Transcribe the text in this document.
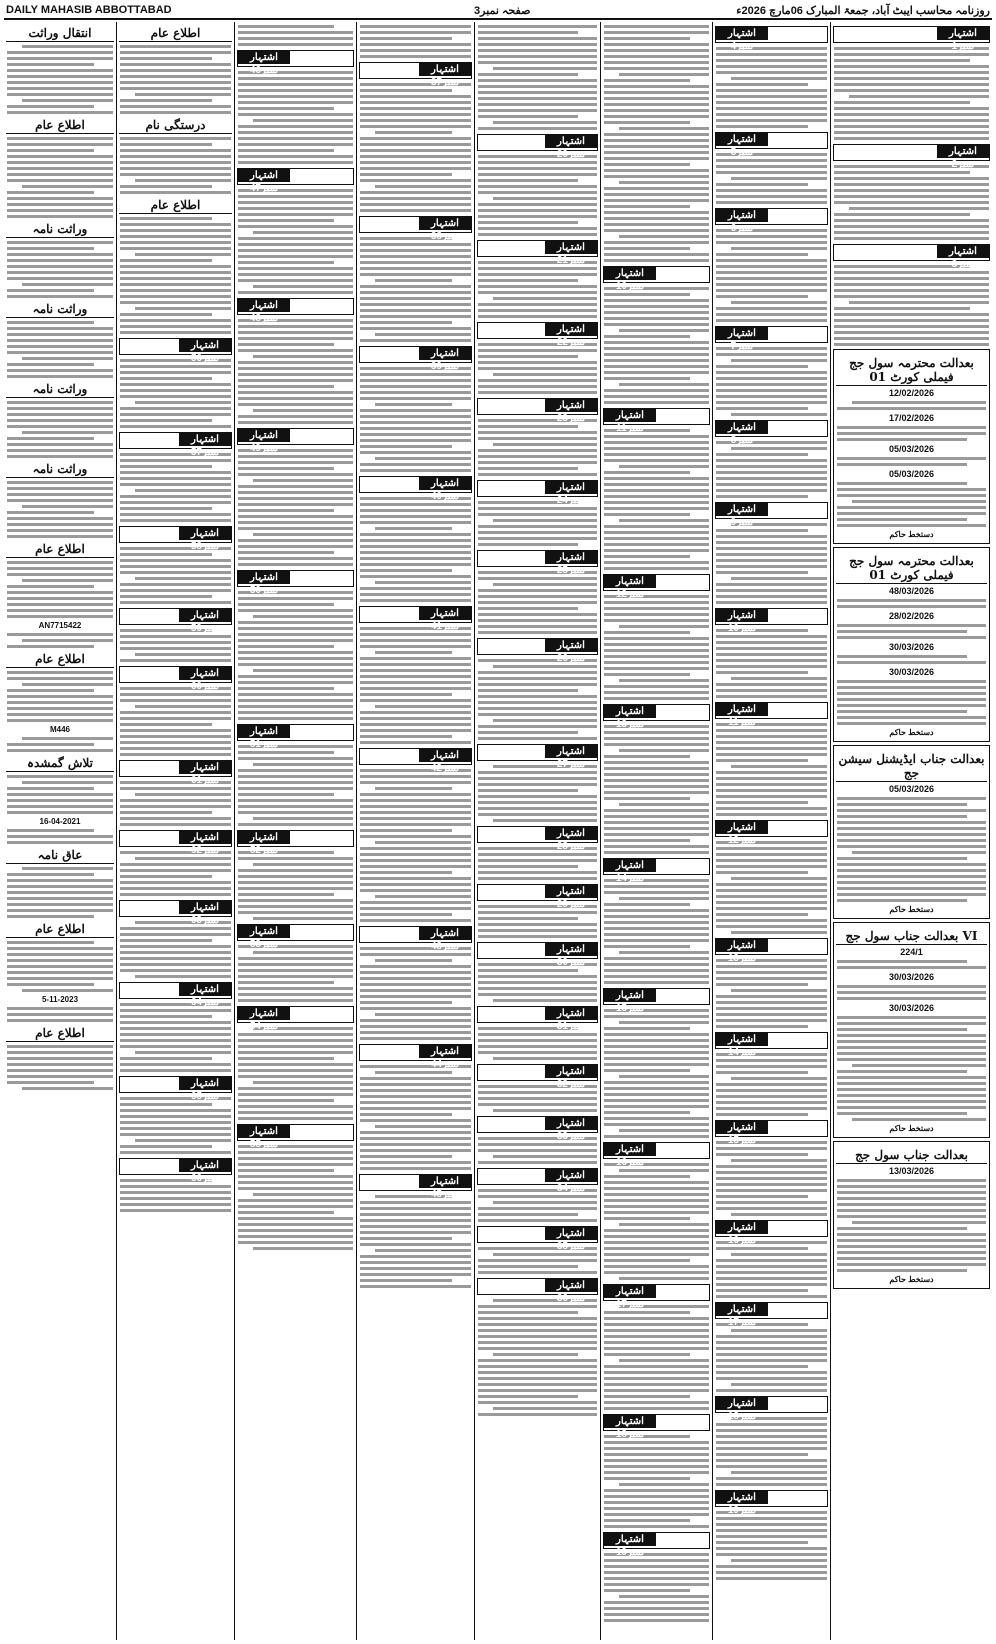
DAILY MAHASIB ABBOTTABAD	صفحہ نمبر3	روزنامہ محاسب ایبٹ آباد، جمعۃ المبارک 06مارچ 2026ء
انتقال وراثت
اطلاع عام
وراثت نامہ
وراثت نامہ
وراثت نامہ
وراثت نامہ
اطلاع عام
AN7715422
اطلاع عام
M446
تلاش گمشدہ
16-04-2021
عاق نامہ
اطلاع عام
5-11-2023
اطلاع عام
اطلاع عام
درستگی نام
اطلاع عام
اشتہار نمبر56
اشتہار نمبر57
اشتہار نمبر58
اشتہار نمبر59
اشتہار نمبر60
اشتہار نمبر61
اشتہار نمبر62
اشتہار نمبر63
اشتہار نمبر64
اشتہار نمبر65
اشتہار نمبر66
اشتہار نمبر46
اشتہار نمبر47
اشتہار نمبر48
اشتہار نمبر49
اشتہار نمبر50
اشتہار نمبر51
اشتہار نمبر52
اشتہار نمبر53
اشتہار نمبر54
اشتہار نمبر55
اشتہار نمبر37
اشتہار نمبر38
اشتہار نمبر39
اشتہار نمبر40
اشتہار نمبر41
اشتہار نمبر42
اشتہار نمبر43
اشتہار نمبر44
اشتہار نمبر45
اشتہار نمبر20
اشتہار نمبر21
اشتہار نمبر22
اشتہار نمبر23
اشتہار نمبر24
اشتہار نمبر25
اشتہار نمبر26
اشتہار نمبر27
اشتہار نمبر28
اشتہار نمبر29
اشتہار نمبر30
اشتہار نمبر31
اشتہار نمبر32
اشتہار نمبر33
اشتہار نمبر34
اشتہار نمبر35
اشتہار نمبر36
اشتہار نمبر10
اشتہار نمبر11
اشتہار نمبر12
اشتہار نمبر13
اشتہار نمبر14
اشتہار نمبر15
اشتہار نمبر16
اشتہار نمبر17
اشتہار نمبر18
اشتہار نمبر19
اشتہار نمبر4
اشتہار نمبر5
اشتہار نمبر6
اشتہار نمبر7
اشتہار نمبر8
اشتہار نمبر9
اشتہار نمبر10
اشتہار نمبر11
اشتہار نمبر12
اشتہار نمبر13
اشتہار نمبر14
اشتہار نمبر15
اشتہار نمبر16
اشتہار نمبر17
اشتہار نمبر18
اشتہار نمبر19
اشتہار نمبر1
اشتہار نمبر2
اشتہار نمبر3
بعدالت محترمہ سول جج فیملی کورٹ 01
12/02/2026
17/02/2026
05/03/2026
05/03/2026
دستخط حاکم
بعدالت محترمہ سول جج فیملی کورٹ 01
48/03/2026
28/02/2026
30/03/2026
30/03/2026
دستخط حاکم
بعدالت جناب ایڈیشنل سیشن جج
05/03/2026
دستخط حاکم
بعدالت جناب سول جج VI
224/1
30/03/2026
30/03/2026
دستخط حاکم
بعدالت جناب سول جج
13/03/2026
دستخط حاکم
